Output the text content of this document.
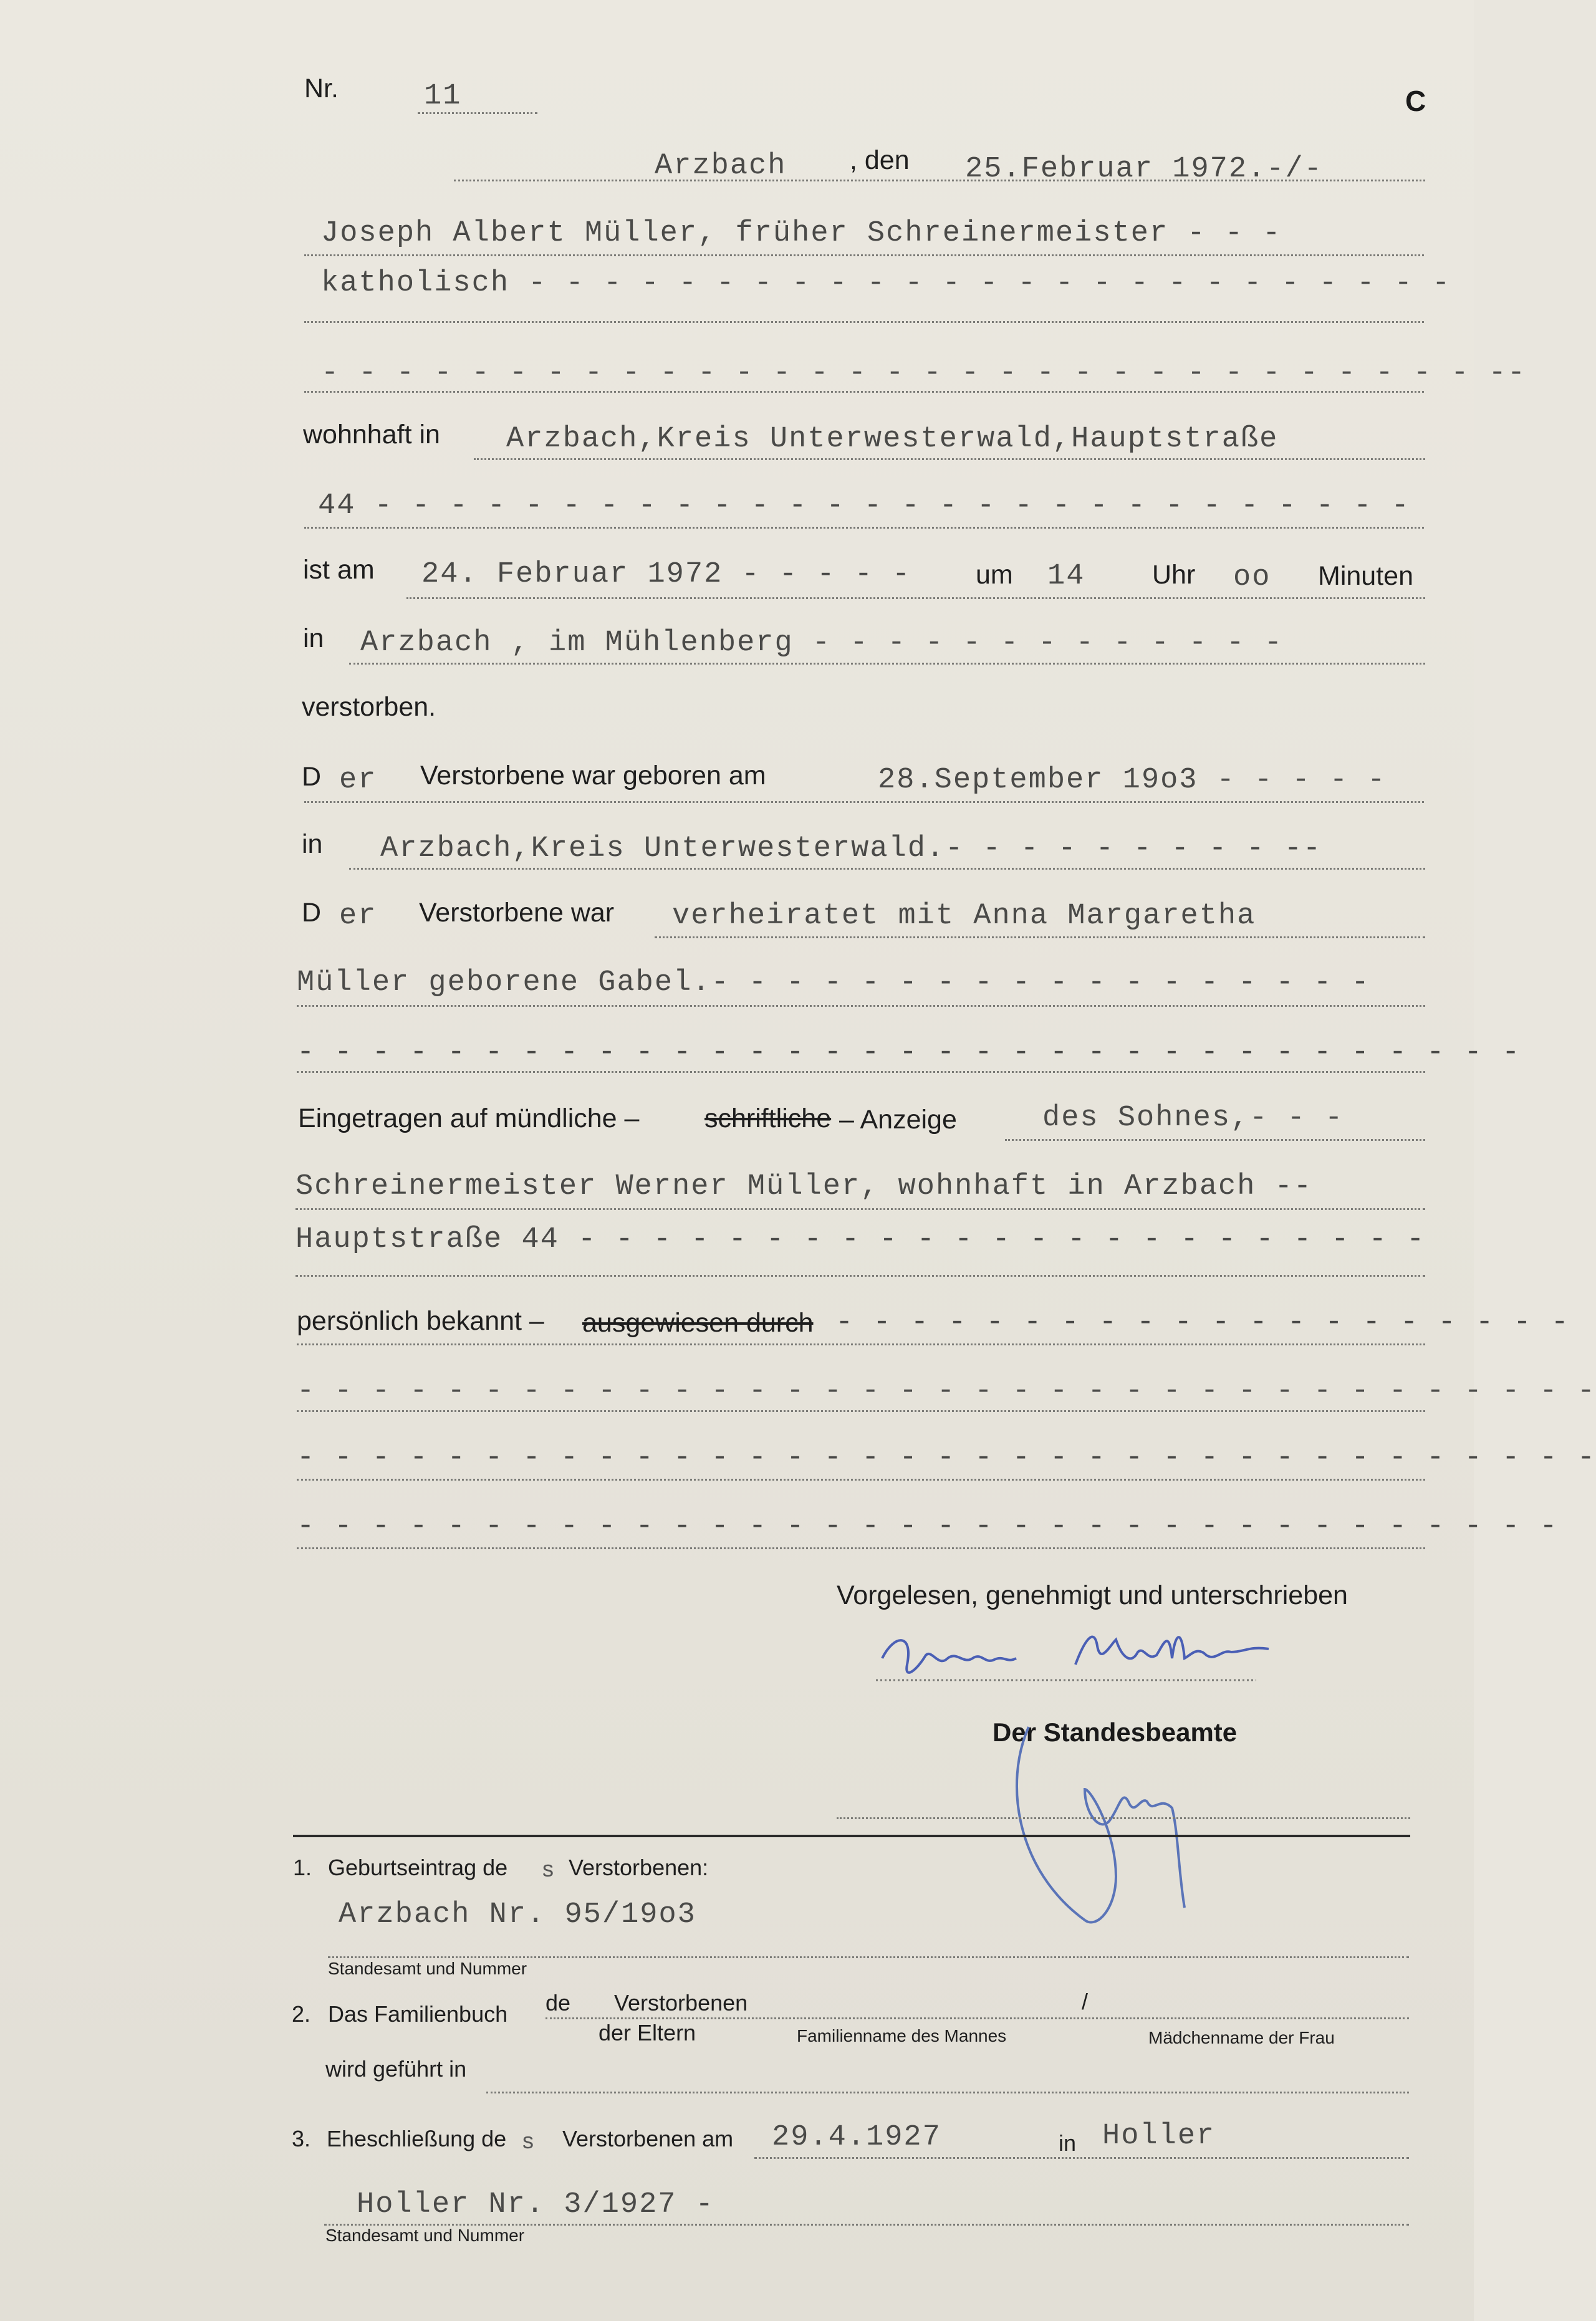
Nr.	11	C
Arzbach , den 25.Februar 1972.-/-
Joseph Albert Müller, früher Schreinermeister - - -
katholisch - - - - - - - - - - - - - - - - - - - - - - - - -
- - - - - - - - - - - - - - - - - - - - - - - - - - - - - - - --
wohnhaft in Arzbach,Kreis Unterwesterwald,Hauptstraße
44 - - - - - - - - - - - - - - - - - - - - - - - - - - - -
ist am 24. Februar 1972 - - - - - um 14	Uhr oo Minuten
in Arzbach , im Mühlenberg - - - - - - - - - - - - -
verstorben.
D er Verstorbene war geboren am	28.September 19o3 - - - - -
in Arzbach,Kreis Unterwesterwald.- - - - - - - - - --
D er Verstorbene war verheiratet mit Anna Margaretha
Müller geborene Gabel.- - - - - - - - - - - - - - - - - -
- - - - - - - - - - - - - - - - - - - - - - - - - - - - - - - - -
Eingetragen auf mündliche – schriftliche – Anzeige	des Sohnes,- - -
Schreinermeister Werner Müller, wohnhaft in Arzbach --
Hauptstraße 44 - - - - - - - - - - - - - - - - - - - - - - -
persönlich bekannt – ausgewiesen durch - - - - - - - - - - - - - - - - - - - -
- - - - - - - - - - - - - - - - - - - - - - - - - - - - - - - - - - -
- - - - - - - - - - - - - - - - - - - - - - - - - - - - - - - - - - -
- - - - - - - - - - - - - - - - - - - - - - - - - - - - - - - - - -
Vorgelesen, genehmigt und unterschrieben
Der Standesbeamte
1. Geburtseintrag de s Verstorbenen:
Arzbach Nr. 95/19o3
Standesamt und Nummer
2. Das Familienbuch de Verstorbenen	/
der Eltern	Familienname des Mannes	Mädchenname der Frau
wird geführt in
3. Eheschließung de s Verstorbenen am 29.4.1927	in Holler
Holler Nr. 3/1927 -
Standesamt und Nummer
